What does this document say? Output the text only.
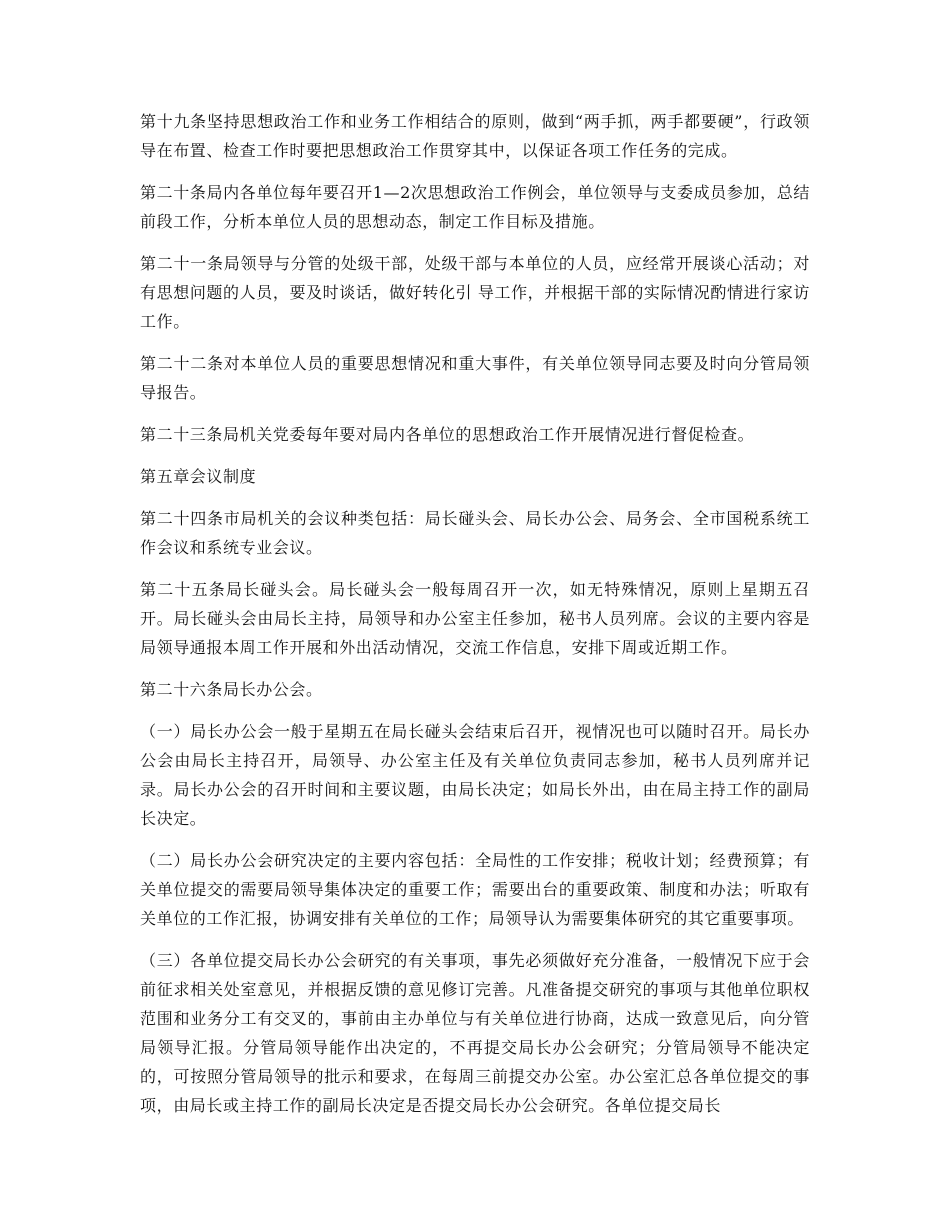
第十九条坚持思想政治工作和业务工作相结合的原则，做到“两手抓，两手都要硬”，行政领导在布置、检查工作时要把思想政治工作贯穿其中，以保证各项工作任务的完成。

第二十条局内各单位每年要召开1—2次思想政治工作例会，单位领导与支委成员参加，总结前段工作，分析本单位人员的思想动态，制定工作目标及措施。

第二十一条局领导与分管的处级干部，处级干部与本单位的人员，应经常开展谈心活动；对有思想问题的人员，要及时谈话，做好转化引 导工作，并根据干部的实际情况酌情进行家访工作。

第二十二条对本单位人员的重要思想情况和重大事件，有关单位领导同志要及时向分管局领导报告。

第二十三条局机关党委每年要对局内各单位的思想政治工作开展情况进行督促检查。

第五章会议制度

第二十四条市局机关的会议种类包括：局长碰头会、局长办公会、局务会、全市国税系统工作会议和系统专业会议。

第二十五条局长碰头会。局长碰头会一般每周召开一次，如无特殊情况，原则上星期五召开。局长碰头会由局长主持，局领导和办公室主任参加，秘书人员列席。会议的主要内容是局领导通报本周工作开展和外出活动情况，交流工作信息，安排下周或近期工作。

第二十六条局长办公会。

（一）局长办公会一般于星期五在局长碰头会结束后召开，视情况也可以随时召开。局长办公会由局长主持召开，局领导、办公室主任及有关单位负责同志参加，秘书人员列席并记录。局长办公会的召开时间和主要议题，由局长决定；如局长外出，由在局主持工作的副局长决定。

（二）局长办公会研究决定的主要内容包括：全局性的工作安排；税收计划；经费预算；有关单位提交的需要局领导集体决定的重要工作；需要出台的重要政策、制度和办法；听取有关单位的工作汇报，协调安排有关单位的工作；局领导认为需要集体研究的其它重要事项。

（三）各单位提交局长办公会研究的有关事项，事先必须做好充分准备，一般情况下应于会前征求相关处室意见，并根据反馈的意见修订完善。凡准备提交研究的事项与其他单位职权范围和业务分工有交叉的，事前由主办单位与有关单位进行协商，达成一致意见后，向分管局领导汇报。分管局领导能作出决定的，不再提交局长办公会研究；分管局领导不能决定的，可按照分管局领导的批示和要求，在每周三前提交办公室。办公室汇总各单位提交的事项，由局长或主持工作的副局长决定是否提交局长办公会研究。各单位提交局长
